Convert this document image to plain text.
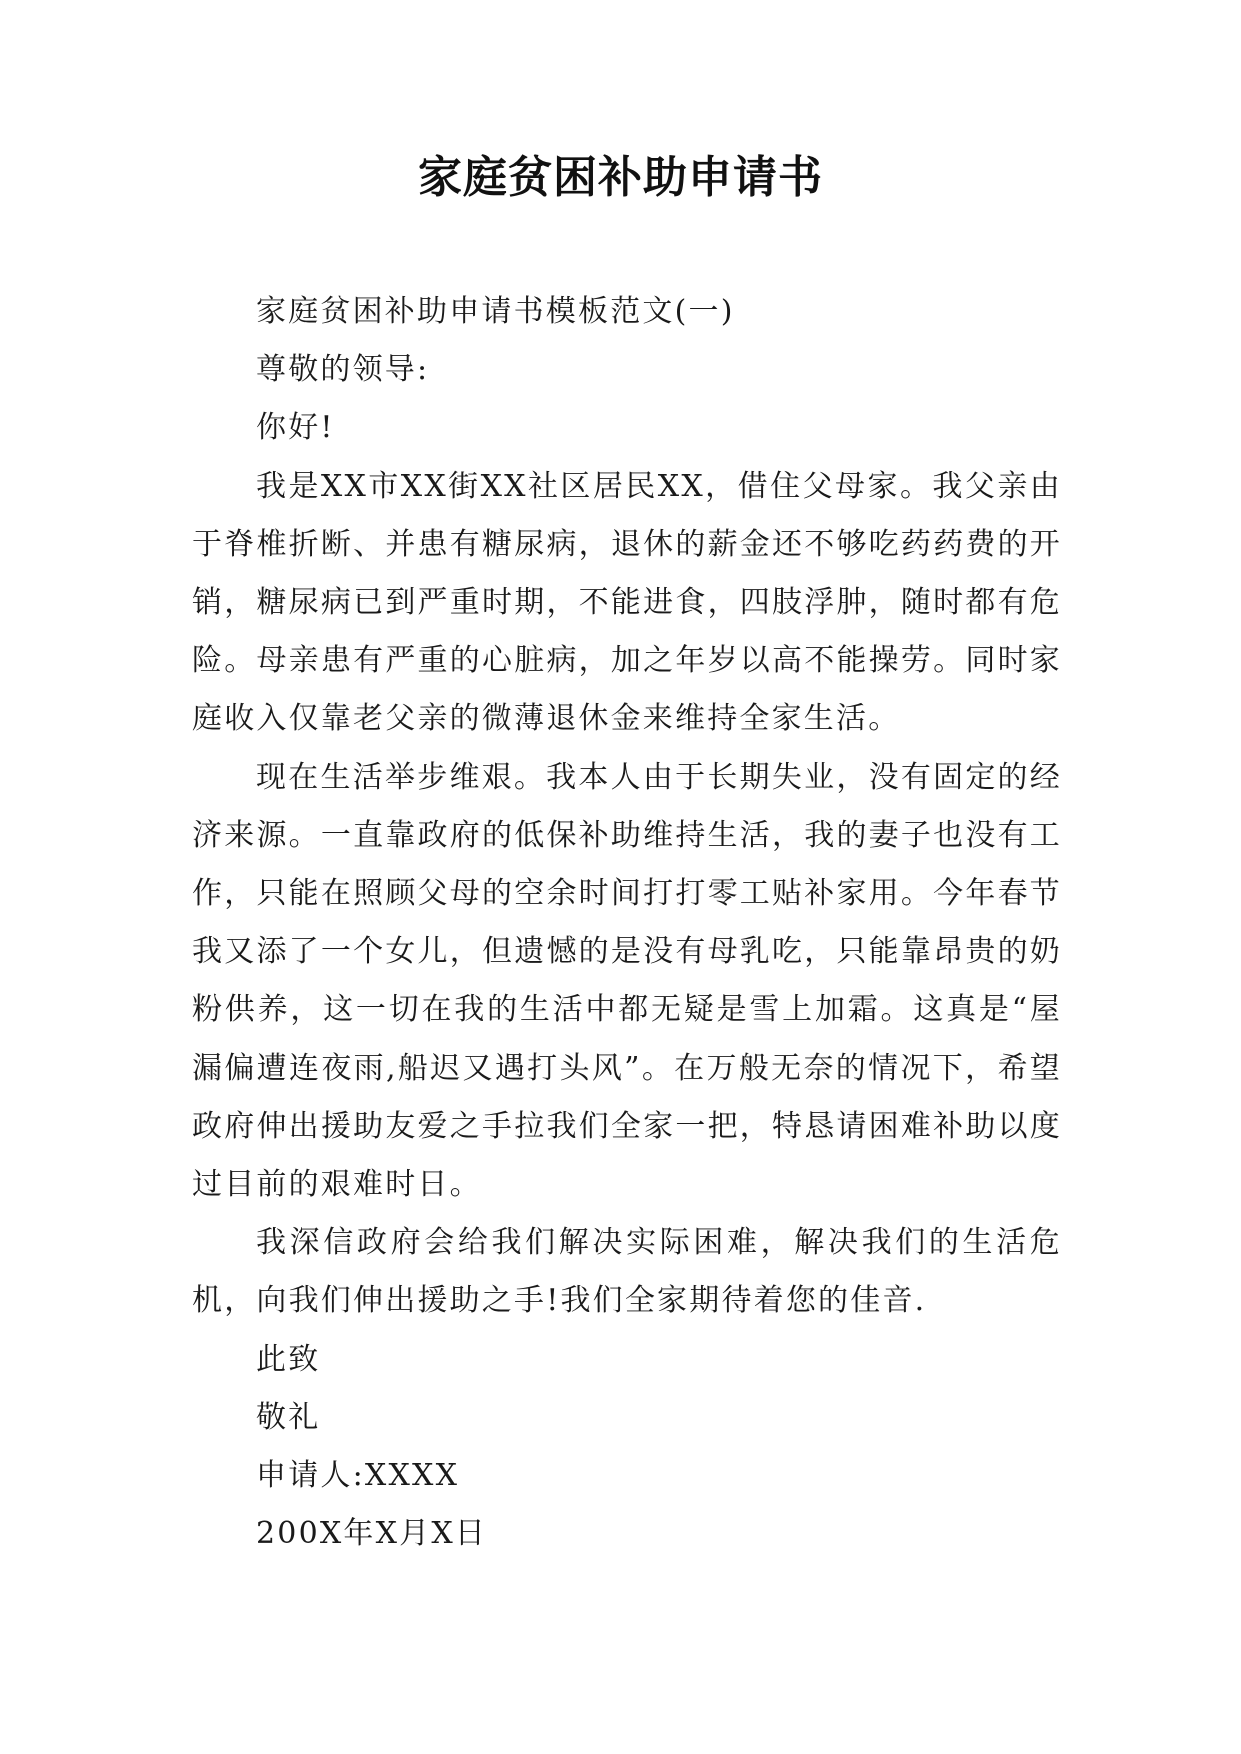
家庭贫困补助申请书

家庭贫困补助申请书模板范文(一)

尊敬的领导:

你好!

我是XX市XX街XX社区居民XX，借住父母家。我父亲由于脊椎折断、并患有糖尿病，退休的薪金还不够吃药药费的开销，糖尿病已到严重时期，不能进食，四肢浮肿，随时都有危险。母亲患有严重的心脏病，加之年岁以高不能操劳。同时家庭收入仅靠老父亲的微薄退休金来维持全家生活。

现在生活举步维艰。我本人由于长期失业，没有固定的经济来源。一直靠政府的低保补助维持生活，我的妻子也没有工作，只能在照顾父母的空余时间打打零工贴补家用。今年春节我又添了一个女儿，但遗憾的是没有母乳吃，只能靠昂贵的奶粉供养，这一切在我的生活中都无疑是雪上加霜。这真是“屋漏偏遭连夜雨,船迟又遇打头风”。在万般无奈的情况下，希望政府伸出援助友爱之手拉我们全家一把，特恳请困难补助以度过目前的艰难时日。

我深信政府会给我们解决实际困难，解决我们的生活危机，向我们伸出援助之手!我们全家期待着您的佳音.

此致

敬礼

申请人:XXXX

200X年X月X日
